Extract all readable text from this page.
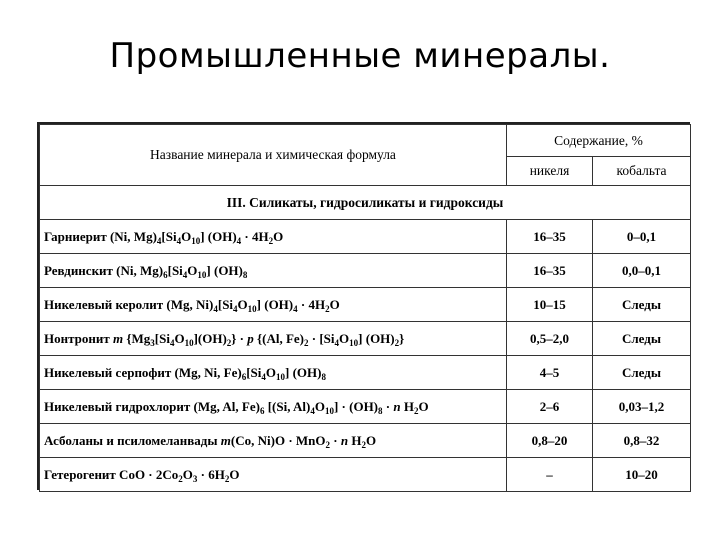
Промышленные минералы.
Название минерала и химическая формула	Содержание, %	
	никеля	кобальта
III. Силикаты, гидросиликаты и гидроксиды		
Гарниерит (Ni, $Mg)_4[Si_4O_{10}] (OH)_4 \cdot 4H_2O$	16–35	0–0,1
Ревдинскит (Ni, $Mg)_6[Si_4O_{10}]$ $(OH)_8$	16–35	0,0–0,1
Никелевый керолит (Mg, $Ni)_4[Si_4O_{10}] (OH)_4 \cdot 4H_2O$	10–15	Следы
Нонтронит m $\{Mg_3[Si_4O_{10}](OH)_2\} \cdot p$ {(Al, $Fe)_2 \cdot [Si_4O_{10}]$ $(OH)_2$}	0,5–2,0	Следы
Никелевый серпофит (Mg, Ni, $Fe)_6[Si_4O_{10}]$ $(OH)_8$	4–5	Следы
Никелевый гидрохлорит (Mg, Al, $Fe)_6$ [(Si, $Al)_4O_{10}] \cdot (OH)_8 \cdot n$ $H_2O$	2–6	0,03–1,2
Асболаны и псиломеланвады m(Co, Ni)O · MnO$_2$ · n $H_2O$	0,8–20	0,8–32
Гетерогенит CoO · $2Co_2O_3 \cdot 6H_2O$	–	10–20
